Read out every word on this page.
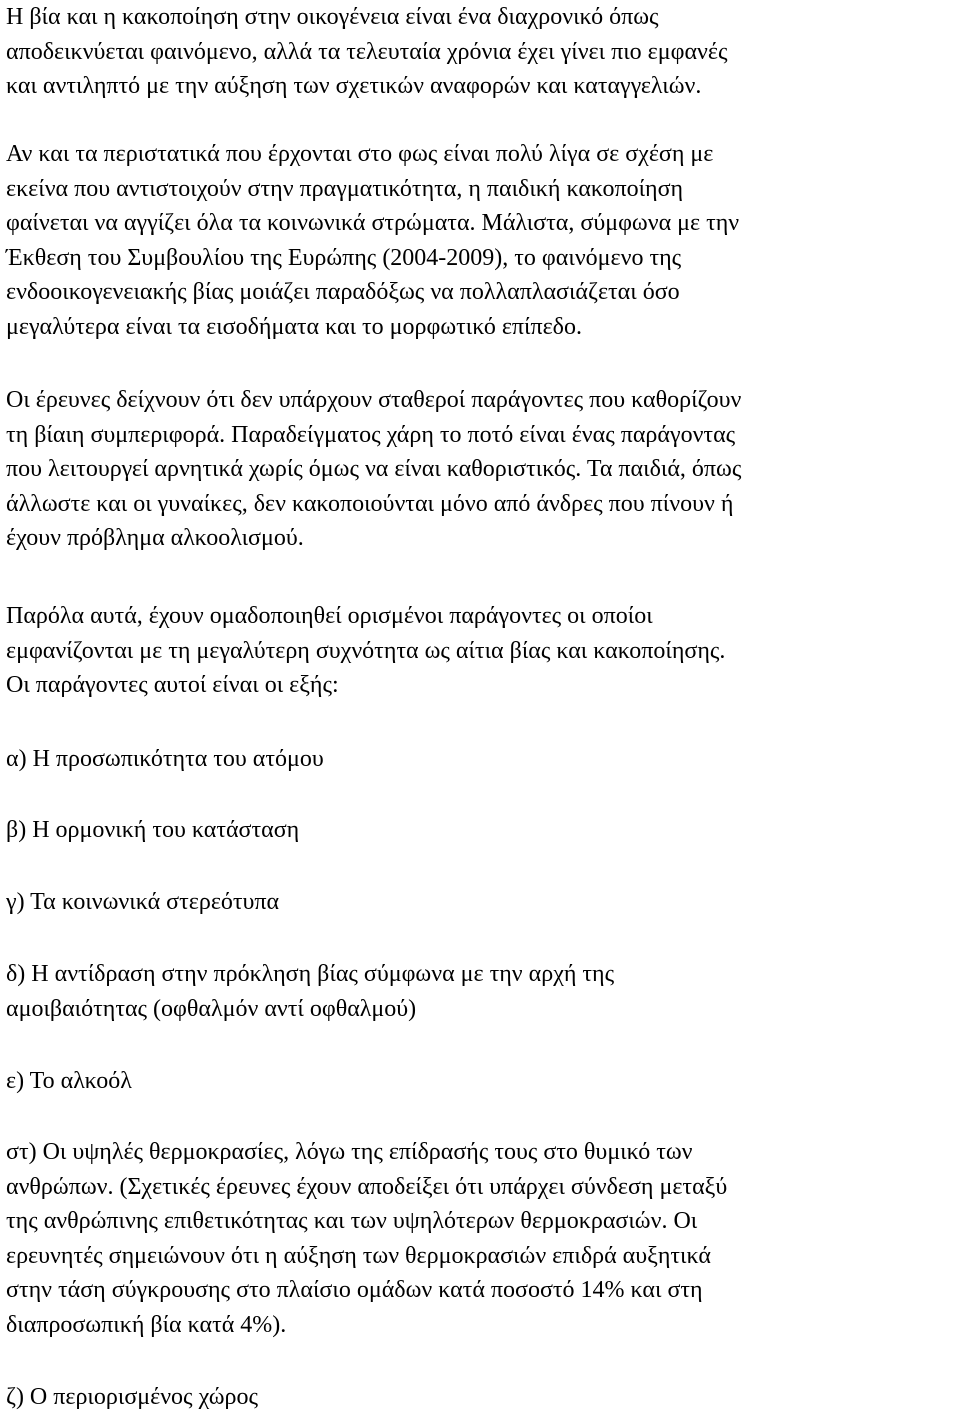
Η βία και η κακοποίηση στην οικογένεια είναι ένα διαχρονικό όπως
αποδεικνύεται φαινόμενο, αλλά τα τελευταία χρόνια έχει γίνει πιο εμφανές
και αντιληπτό με την αύξηση των σχετικών αναφορών και καταγγελιών.

Αν και τα περιστατικά που έρχονται στο φως είναι πολύ λίγα σε σχέση με
εκείνα που αντιστοιχούν στην πραγματικότητα, η παιδική κακοποίηση
φαίνεται να αγγίζει όλα τα κοινωνικά στρώματα. Μάλιστα, σύμφωνα με την
Έκθεση του Συμβουλίου της Ευρώπης (2004-2009), το φαινόμενο της
ενδοοικογενειακής βίας μοιάζει παραδόξως να πολλαπλασιάζεται όσο
μεγαλύτερα είναι τα εισοδήματα και το μορφωτικό επίπεδο.

Οι έρευνες δείχνουν ότι δεν υπάρχουν σταθεροί παράγοντες που καθορίζουν
τη βίαιη συμπεριφορά. Παραδείγματος χάρη το ποτό είναι ένας παράγοντας
που λειτουργεί αρνητικά χωρίς όμως να είναι καθοριστικός. Τα παιδιά, όπως
άλλωστε και οι γυναίκες, δεν κακοποιούνται μόνο από άνδρες που πίνουν ή
έχουν πρόβλημα αλκοολισμού.

Παρόλα αυτά, έχουν ομαδοποιηθεί ορισμένοι παράγοντες οι οποίοι
εμφανίζονται με τη μεγαλύτερη συχνότητα ως αίτια βίας και κακοποίησης.
Οι παράγοντες αυτοί είναι οι εξής:

α) Η προσωπικότητα του ατόμου

β) Η ορμονική του κατάσταση

γ) Τα κοινωνικά στερεότυπα

δ) Η αντίδραση στην πρόκληση βίας σύμφωνα με την αρχή της
αμοιβαιότητας (οφθαλμόν αντί οφθαλμού)

ε) Το αλκοόλ

στ) Οι υψηλές θερμοκρασίες, λόγω της επίδρασής τους στο θυμικό των
ανθρώπων. (Σχετικές έρευνες έχουν αποδείξει ότι υπάρχει σύνδεση μεταξύ
της ανθρώπινης επιθετικότητας και των υψηλότερων θερμοκρασιών. Οι
ερευνητές σημειώνουν ότι η αύξηση των θερμοκρασιών επιδρά αυξητικά
στην τάση σύγκρουσης στο πλαίσιο ομάδων κατά ποσοστό 14% και στη
διαπροσωπική βία κατά 4%).

ζ) Ο περιορισμένος χώρος
